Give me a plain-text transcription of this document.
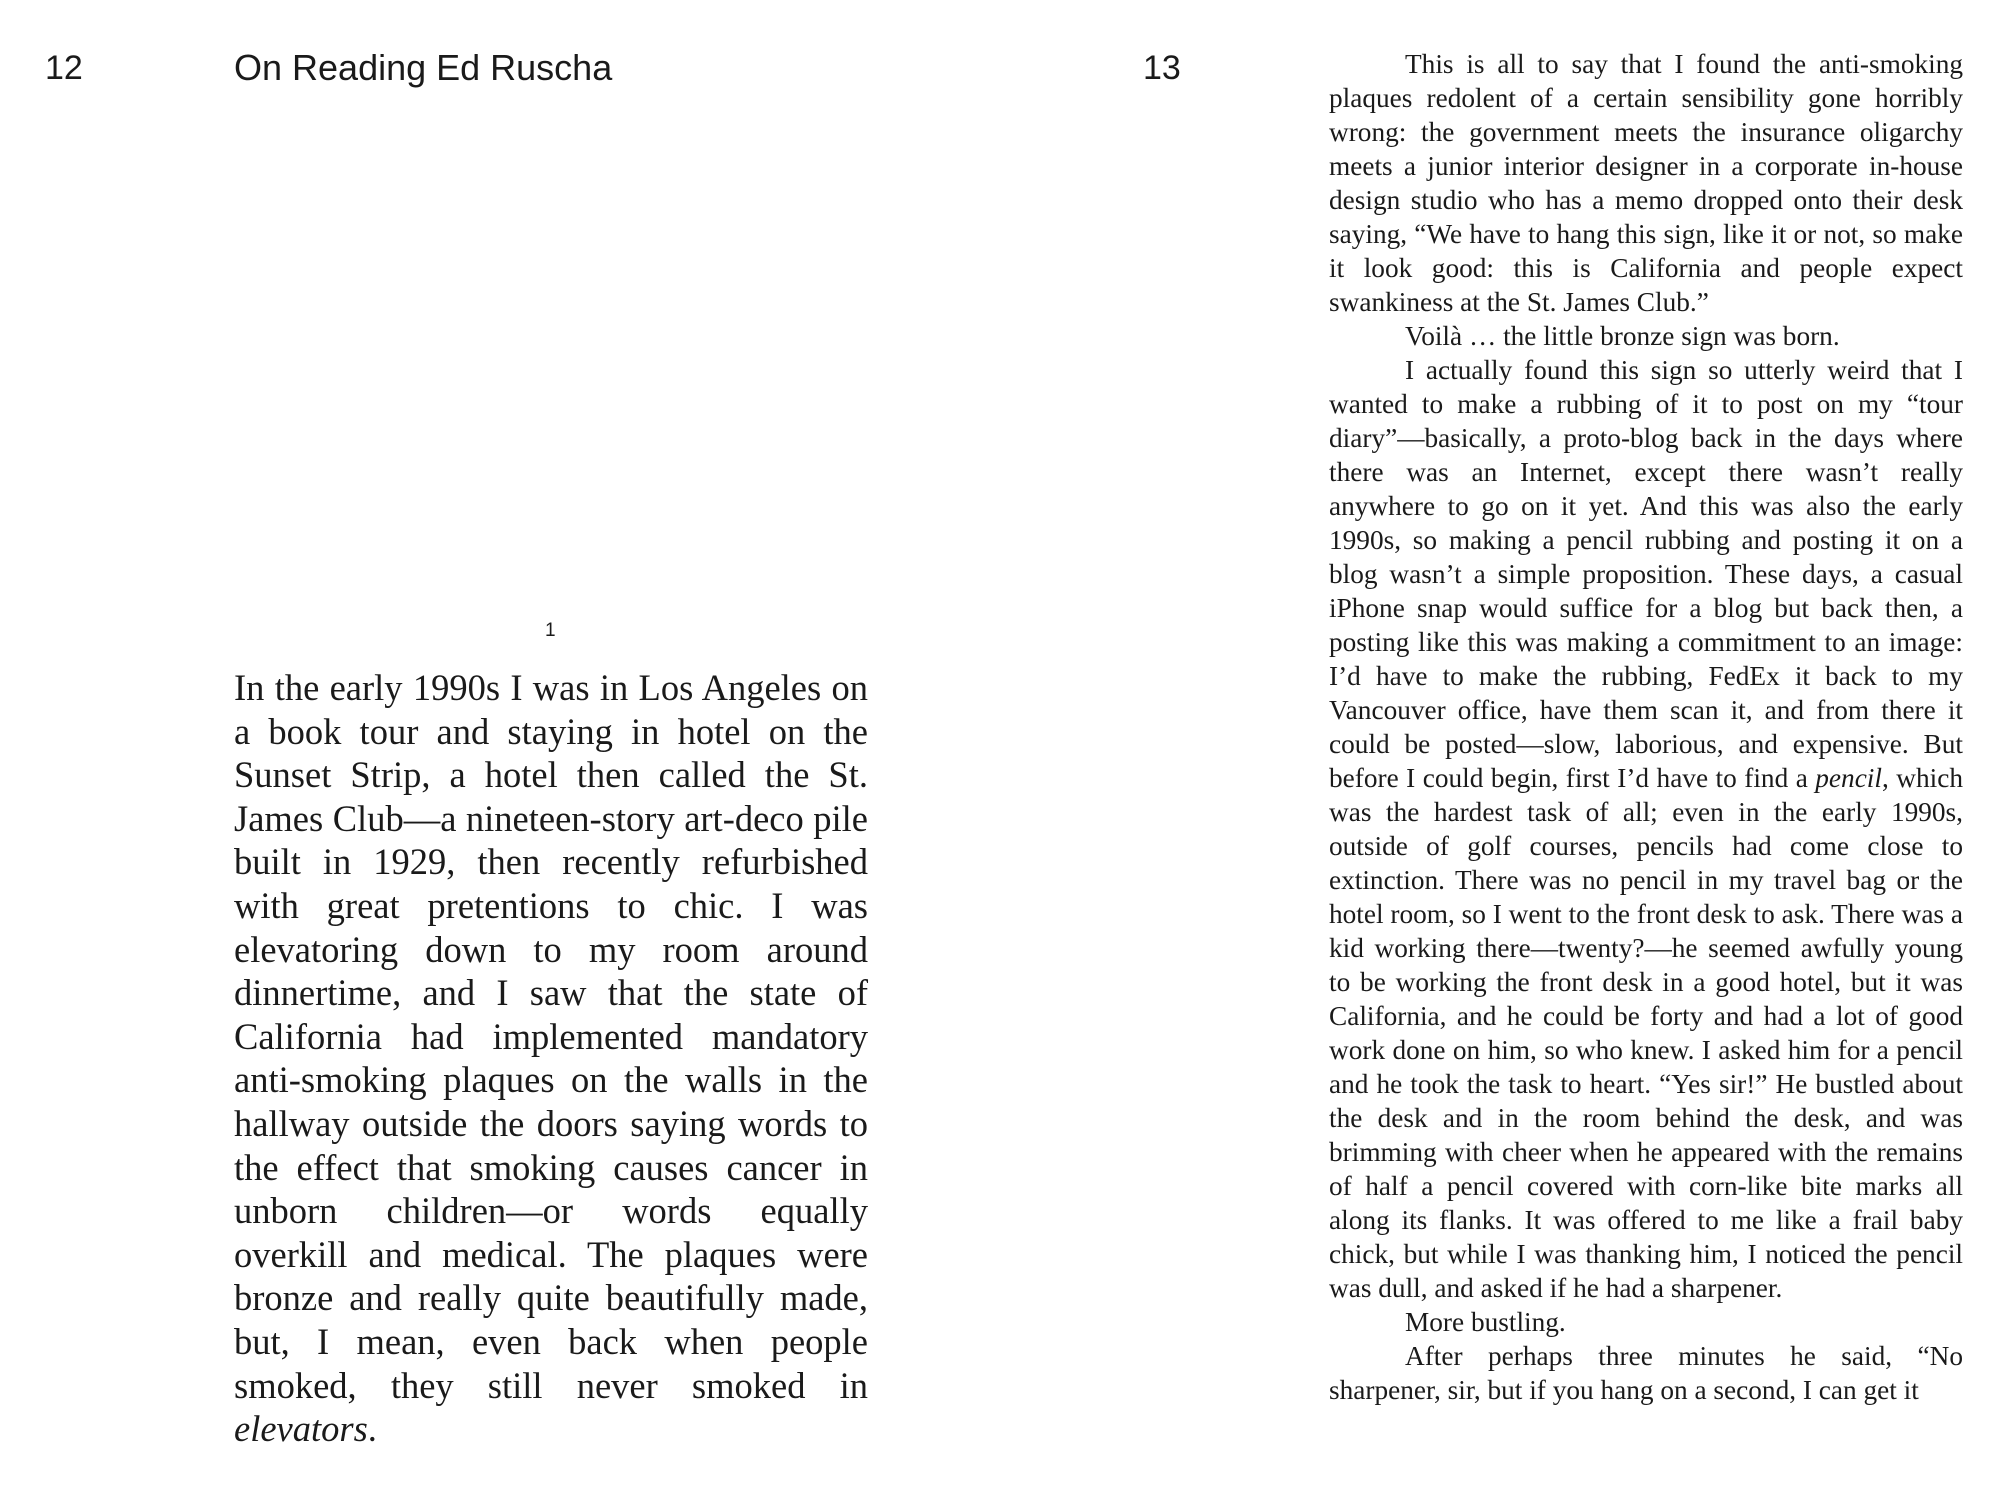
12	On Reading Ed Ruscha
1

In the early 1990s I was in Los Angeles on a book tour and staying in hotel on the Sunset Strip, a hotel then called the St. James Club—a nineteen-story art-deco pile built in 1929, then recently refurbished with great pretentions to chic. I was elevatoring down to my room around dinnertime, and I saw that the state of California had implemented mandatory anti-smoking plaques on the walls in the hallway outside the doors saying words to the effect that smoking causes cancer in unborn children—or words equally overkill and medical. The plaques were bronze and really quite beautifully made, but, I mean, even back when people smoked, they still never smoked in elevators.

13	This is all to say that I found the anti-smoking plaques redolent of a certain sensibility gone horribly wrong: the government meets the insurance oligarchy meets a junior interior designer in a corporate in-house design studio who has a memo dropped onto their desk saying, “We have to hang this sign, like it or not, so make it look good: this is California and people expect swankiness at the St. James Club.”

Voilà … the little bronze sign was born.

I actually found this sign so utterly weird that I wanted to make a rubbing of it to post on my “tour diary”—basically, a proto-blog back in the days where there was an Internet, except there wasn’t really anywhere to go on it yet. And this was also the early 1990s, so making a pencil rubbing and posting it on a blog wasn’t a simple proposition. These days, a casual iPhone snap would suffice for a blog but back then, a posting like this was making a commitment to an image: I’d have to make the rubbing, FedEx it back to my Vancouver office, have them scan it, and from there it could be posted—slow, laborious, and expensive. But before I could begin, first I’d have to find a pencil, which was the hardest task of all; even in the early 1990s, outside of golf courses, pencils had come close to extinction. There was no pencil in my travel bag or the hotel room, so I went to the front desk to ask. There was a kid working there—twenty?—he seemed awfully young to be working the front desk in a good hotel, but it was California, and he could be forty and had a lot of good work done on him, so who knew. I asked him for a pencil and he took the task to heart. “Yes sir!” He bustled about the desk and in the room behind the desk, and was brimming with cheer when he appeared with the remains of half a pencil covered with corn-like bite marks all along its flanks. It was offered to me like a frail baby chick, but while I was thanking him, I noticed the pencil was dull, and asked if he had a sharpener.

More bustling.

After perhaps three minutes he said, “No sharpener, sir, but if you hang on a second, I can get it
